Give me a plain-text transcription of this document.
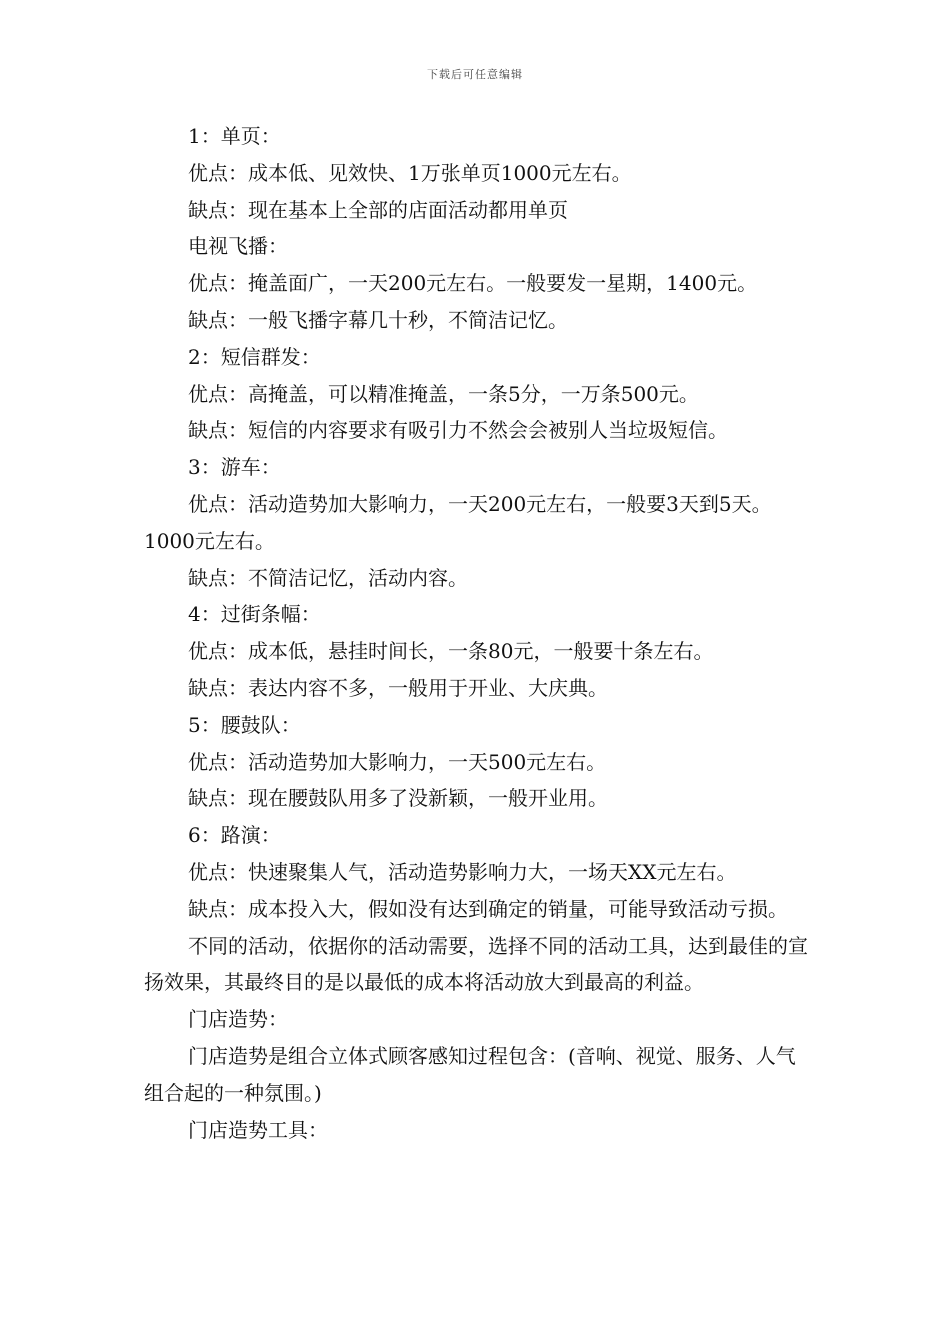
下载后可任意编辑

1：单页：

优点：成本低、见效快、1万张单页1000元左右。

缺点：现在基本上全部的店面活动都用单页

电视飞播：

优点：掩盖面广，一天200元左右。一般要发一星期，1400元。

缺点：一般飞播字幕几十秒，不简洁记忆。

2：短信群发：

优点：高掩盖，可以精准掩盖，一条5分，一万条500元。

缺点：短信的内容要求有吸引力不然会会被别人当垃圾短信。

3：游车：

优点：活动造势加大影响力，一天200元左右，一般要3天到5天。1000元左右。

缺点：不简洁记忆，活动内容。

4：过街条幅：

优点：成本低，悬挂时间长，一条80元，一般要十条左右。

缺点：表达内容不多，一般用于开业、大庆典。

5：腰鼓队：

优点：活动造势加大影响力，一天500元左右。

缺点：现在腰鼓队用多了没新颖，一般开业用。

6：路演：

优点：快速聚集人气，活动造势影响力大，一场天XX元左右。

缺点：成本投入大，假如没有达到确定的销量，可能导致活动亏损。

不同的活动，依据你的活动需要，选择不同的活动工具，达到最佳的宣扬效果，其最终目的是以最低的成本将活动放大到最高的利益。

门店造势：

门店造势是组合立体式顾客感知过程包含：(音响、视觉、服务、人气组合起的一种氛围。)

门店造势工具：
